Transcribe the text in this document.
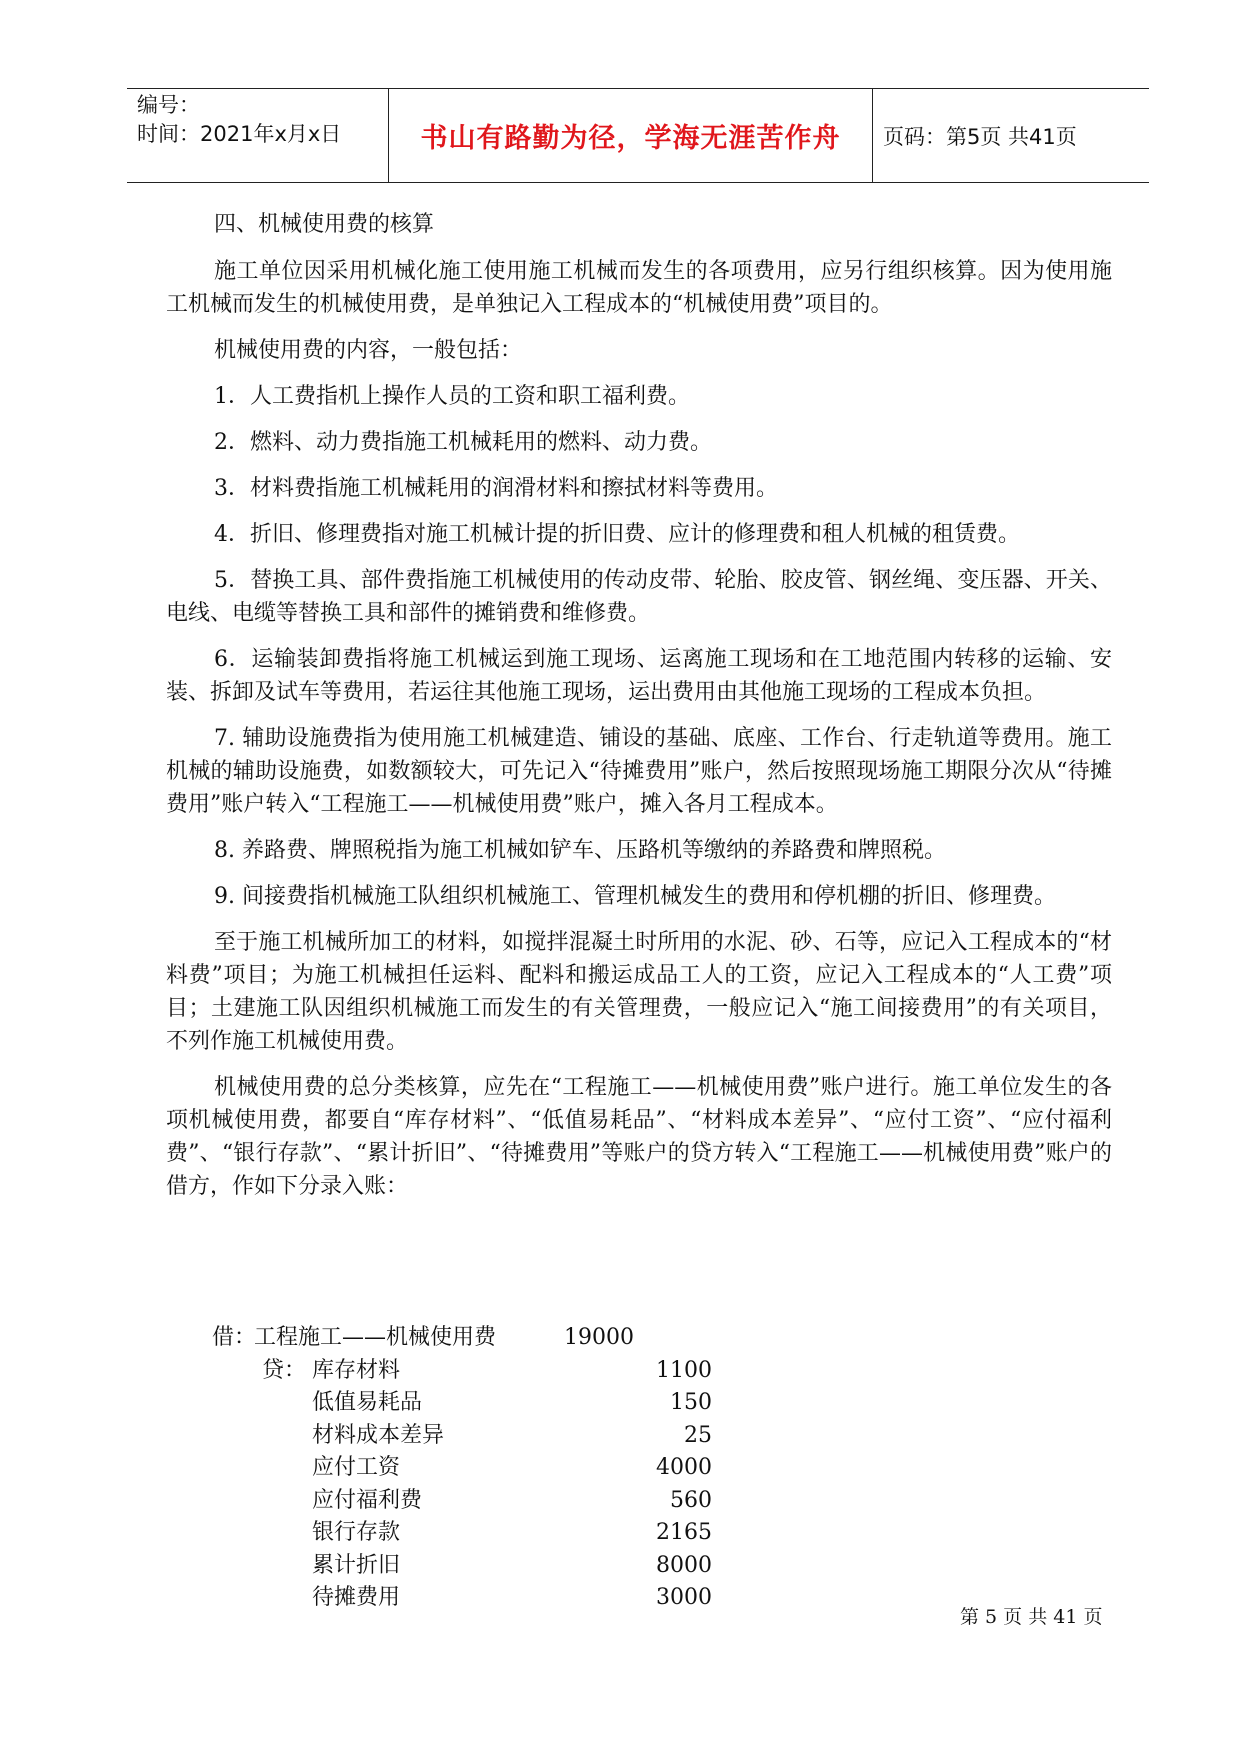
编号：
时间：2021年x月x日	书山有路勤为径，学海无涯苦作舟 页码：第5页 共41页

四、机械使用费的核算

施工单位因采用机械化施工使用施工机械而发生的各项费用，应另行组织核算。因为使用施工机械而发生的机械使用费，是单独记入工程成本的“机械使用费”项目的。

机械使用费的内容，一般包括：

1．人工费指机上操作人员的工资和职工福利费。

2．燃料、动力费指施工机械耗用的燃料、动力费。

3．材料费指施工机械耗用的润滑材料和擦拭材料等费用。

4．折旧、修理费指对施工机械计提的折旧费、应计的修理费和租人机械的租赁费。

5．替换工具、部件费指施工机械使用的传动皮带、轮胎、胶皮管、钢丝绳、变压器、开关、电线、电缆等替换工具和部件的摊销费和维修费。

6．运输装卸费指将施工机械运到施工现场、运离施工现场和在工地范围内转移的运输、安装、拆卸及试车等费用，若运往其他施工现场，运出费用由其他施工现场的工程成本负担。

7. 辅助设施费指为使用施工机械建造、铺设的基础、底座、工作台、行走轨道等费用。施工机械的辅助设施费，如数额较大，可先记入“待摊费用”账户，然后按照现场施工期限分次从“待摊费用”账户转入“工程施工——机械使用费”账户，摊入各月工程成本。

8. 养路费、牌照税指为施工机械如铲车、压路机等缴纳的养路费和牌照税。

9. 间接费指机械施工队组织机械施工、管理机械发生的费用和停机棚的折旧、修理费。

至于施工机械所加工的材料，如搅拌混凝土时所用的水泥、砂、石等，应记入工程成本的“材料费”项目；为施工机械担任运料、配料和搬运成品工人的工资，应记入工程成本的“人工费”项目；土建施工队因组织机械施工而发生的有关管理费，一般应记入“施工间接费用”的有关项目，不列作施工机械使用费。

机械使用费的总分类核算，应先在“工程施工——机械使用费”账户进行。施工单位发生的各项机械使用费，都要自“库存材料”、“低值易耗品”、“材料成本差异”、“应付工资”、“应付福利费”、“银行存款”、“累计折旧”、“待摊费用”等账户的贷方转入“工程施工——机械使用费”账户的借方，作如下分录入账：

借：
工程施工——机械使用费	19000
贷： 库存材料	1100
低值易耗品	150
材料成本差异	25
应付工资	4000
应付福利费	560
银行存款	2165
累计折旧	8000
待摊费用	3000
第 5 页 共 41 页
